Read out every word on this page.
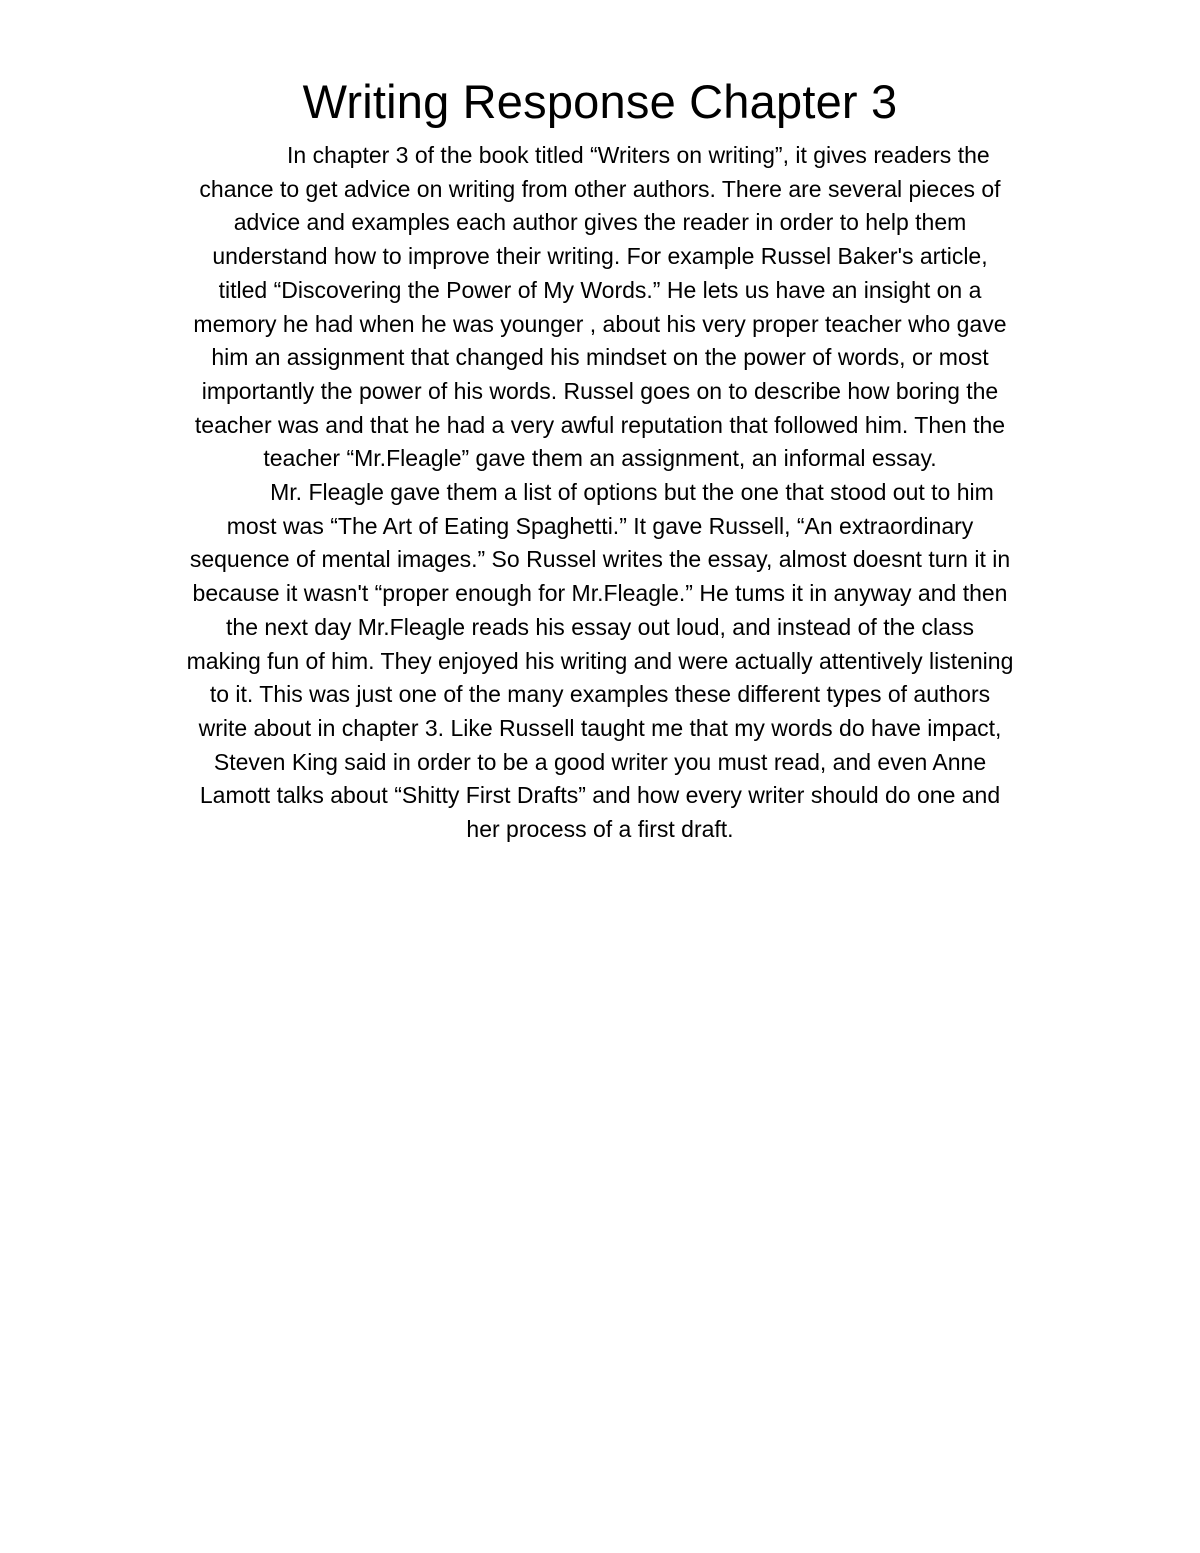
Writing Response Chapter 3
In chapter 3 of the book titled “Writers on writing”, it gives readers the
chance to get advice on writing from other authors. There are several pieces of
advice and examples each author gives the reader in order to help them
understand how to improve their writing. For example Russel Baker's article,
titled “Discovering the Power of My Words.” He lets us have an insight on a
memory he had when he was younger , about his very proper teacher who gave
him an assignment that changed his mindset on the power of words, or most
importantly the power of his words. Russel goes on to describe how boring the
teacher was and that he had a very awful reputation that followed him. Then the
teacher “Mr.Fleagle” gave them an assignment, an informal essay.
Mr. Fleagle gave them a list of options but the one that stood out to him
most was “The Art of Eating Spaghetti.” It gave Russell, “An extraordinary
sequence of mental images.” So Russel writes the essay, almost doesnt turn it in
because it wasn't “proper enough for Mr.Fleagle.” He tums it in anyway and then
the next day Mr.Fleagle reads his essay out loud, and instead of the class
making fun of him. They enjoyed his writing and were actually attentively listening
to it. This was just one of the many examples these different types of authors
write about in chapter 3. Like Russell taught me that my words do have impact,
Steven King said in order to be a good writer you must read, and even Anne
Lamott talks about “Shitty First Drafts” and how every writer should do one and
her process of a first draft.
